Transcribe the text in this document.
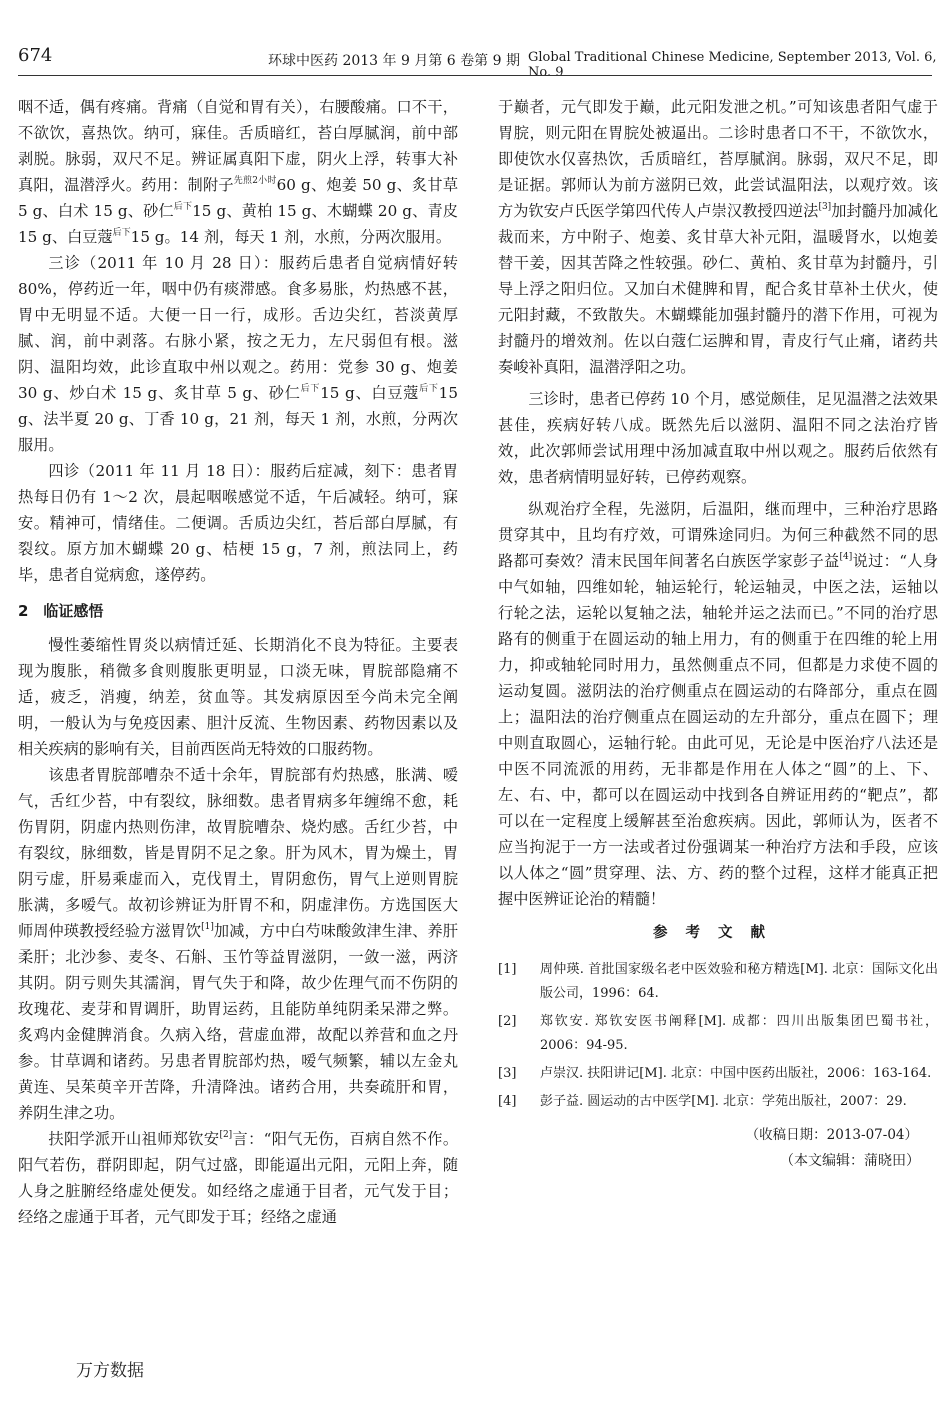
674	环球中医药 2013 年 9 月第 6 卷第 9 期 Global Traditional Chinese Medicine, September 2013, Vol. 6, No. 9

咽不适，偶有疼痛。背痛（自觉和胃有关），右腰酸痛。口不干，不欲饮，喜热饮。纳可，寐佳。舌质暗红，苔白厚腻润，前中部剥脱。脉弱，双尺不足。辨证属真阳下虚，阴火上浮，转事大补真阳，温潜浮火。药用：制附子$^{先煎2小时}$60 g、炮姜 50 g、炙甘草 5 g、白术 15 g、砂仁$^{后下}$15 g、黄柏 15 g、木蝴蝶 20 g、青皮 15 g、白豆蔻$^{后下}$15 g。14 剂，每天 1 剂，水煎，分两次服用。

三诊（2011 年 10 月 28 日）：服药后患者自觉病情好转 80%，停药近一年，咽中仍有痰滞感。食多易胀，灼热感不甚，胃中无明显不适。大便一日一行，成形。舌边尖红，苔淡黄厚腻、润，前中剥落。右脉小紧，按之无力，左尺弱但有根。滋阴、温阳均效，此诊直取中州以观之。药用：党参 30 g、炮姜 30 g、炒白术 15 g、炙甘草 5 g、砂仁$^{后下}$15 g、白豆蔻$^{后下}$15 g、法半夏 20 g、丁香 10 g，21 剂，每天 1 剂，水煎，分两次服用。

四诊（2011 年 11 月 18 日）：服药后症减，刻下：患者胃热每日仍有 1～2 次，晨起咽喉感觉不适，午后减轻。纳可，寐安。精神可，情绪佳。二便调。舌质边尖红，苔后部白厚腻，有裂纹。原方加木蝴蝶 20 g、桔梗 15 g，7 剂，煎法同上，药毕，患者自觉病愈，遂停药。

2　临证感悟

慢性萎缩性胃炎以病情迁延、长期消化不良为特征。主要表现为腹胀，稍微多食则腹胀更明显，口淡无味，胃脘部隐痛不适，疲乏，消瘦，纳差，贫血等。其发病原因至今尚未完全阐明，一般认为与免疫因素、胆汁反流、生物因素、药物因素以及相关疾病的影响有关，目前西医尚无特效的口服药物。

该患者胃脘部嘈杂不适十余年，胃脘部有灼热感，胀满、嗳气，舌红少苔，中有裂纹，脉细数。患者胃病多年缠绵不愈，耗伤胃阴，阴虚内热则伤津，故胃脘嘈杂、烧灼感。舌红少苔，中有裂纹，脉细数，皆是胃阴不足之象。肝为风木，胃为燥土，胃阴亏虚，肝易乘虚而入，克伐胃土，胃阴愈伤，胃气上逆则胃脘胀满，多嗳气。故初诊辨证为肝胃不和，阴虚津伤。方选国医大师周仲瑛教授经验方滋胃饮[1]加减，方中白芍味酸敛津生津、养肝柔肝；北沙参、麦冬、石斛、玉竹等益胃滋阴，一敛一滋，两济其阴。阴亏则失其濡润，胃气失于和降，故少佐理气而不伤阴的玫瑰花、麦芽和胃调肝，助胃运药，且能防单纯阴柔呆滞之弊。炙鸡内金健脾消食。久病入络，营虚血滞，故配以养营和血之丹参。甘草调和诸药。另患者胃脘部灼热，嗳气频繁，辅以左金丸黄连、吴茱萸辛开苦降，升清降浊。诸药合用，共奏疏肝和胃，养阴生津之功。

扶阳学派开山祖师郑钦安[2]言：“阳气无伤，百病自然不作。阳气若伤，群阴即起，阴气过盛，即能逼出元阳，元阳上奔，随人身之脏腑经络虚处便发。如经络之虚通于目者，元气发于目；经络之虚通于耳者，元气即发于耳；经络之虚通

于巅者，元气即发于巅，此元阳发泄之机。”可知该患者阳气虚于胃脘，则元阳在胃脘处被逼出。二诊时患者口不干，不欲饮水，即使饮水仅喜热饮，舌质暗红，苔厚腻润。脉弱，双尺不足，即是证据。郭师认为前方滋阴已效，此尝试温阳法，以观疗效。该方为钦安卢氏医学第四代传人卢崇汉教授四逆法[3]加封髓丹加减化裁而来，方中附子、炮姜、炙甘草大补元阳，温暖肾水，以炮姜替干姜，因其苦降之性较强。砂仁、黄柏、炙甘草为封髓丹，引导上浮之阳归位。又加白术健脾和胃，配合炙甘草补土伏火，使元阳封藏，不致散失。木蝴蝶能加强封髓丹的潜下作用，可视为封髓丹的增效剂。佐以白蔻仁运脾和胃，青皮行气止痛，诸药共奏峻补真阳，温潜浮阳之功。

三诊时，患者已停药 10 个月，感觉颇佳，足见温潜之法效果甚佳，疾病好转八成。既然先后以滋阴、温阳不同之法治疗皆效，此次郭师尝试用理中汤加减直取中州以观之。服药后依然有效，患者病情明显好转，已停药观察。

纵观治疗全程，先滋阴，后温阳，继而理中，三种治疗思路贯穿其中，且均有疗效，可谓殊途同归。为何三种截然不同的思路都可奏效？清末民国年间著名白族医学家彭子益[4]说过：“人身中气如轴，四维如轮，轴运轮行，轮运轴灵，中医之法，运轴以行轮之法，运轮以复轴之法，轴轮并运之法而已。”不同的治疗思路有的侧重于在圆运动的轴上用力，有的侧重于在四维的轮上用力，抑或轴轮同时用力，虽然侧重点不同，但都是力求使不圆的运动复圆。滋阴法的治疗侧重点在圆运动的右降部分，重点在圆上；温阳法的治疗侧重点在圆运动的左升部分，重点在圆下；理中则直取圆心，运轴行轮。由此可见，无论是中医治疗八法还是中医不同流派的用药，无非都是作用在人体之“圆”的上、下、左、右、中，都可以在圆运动中找到各自辨证用药的“靶点”，都可以在一定程度上缓解甚至治愈疾病。因此，郭师认为，医者不应当拘泥于一方一法或者过份强调某一种治疗方法和手段，应该以人体之“圆”贯穿理、法、方、药的整个过程，这样才能真正把握中医辨证论治的精髓！

参考文献

[1]	周仲瑛. 首批国家级名老中医效验和秘方精选[M]. 北京：国际文化出版公司，1996：64.

[2]	郑钦安. 郑钦安医书阐释[M]. 成都：四川出版集团巴蜀书社，2006：94-95.

[3]	卢崇汉. 扶阳讲记[M]. 北京：中国中医药出版社，2006：163-164.

[4]	彭子益. 圆运动的古中医学[M]. 北京：学苑出版社，2007：29.

（收稿日期：2013-07-04）

（本文编辑：蒲晓田）

万方数据
